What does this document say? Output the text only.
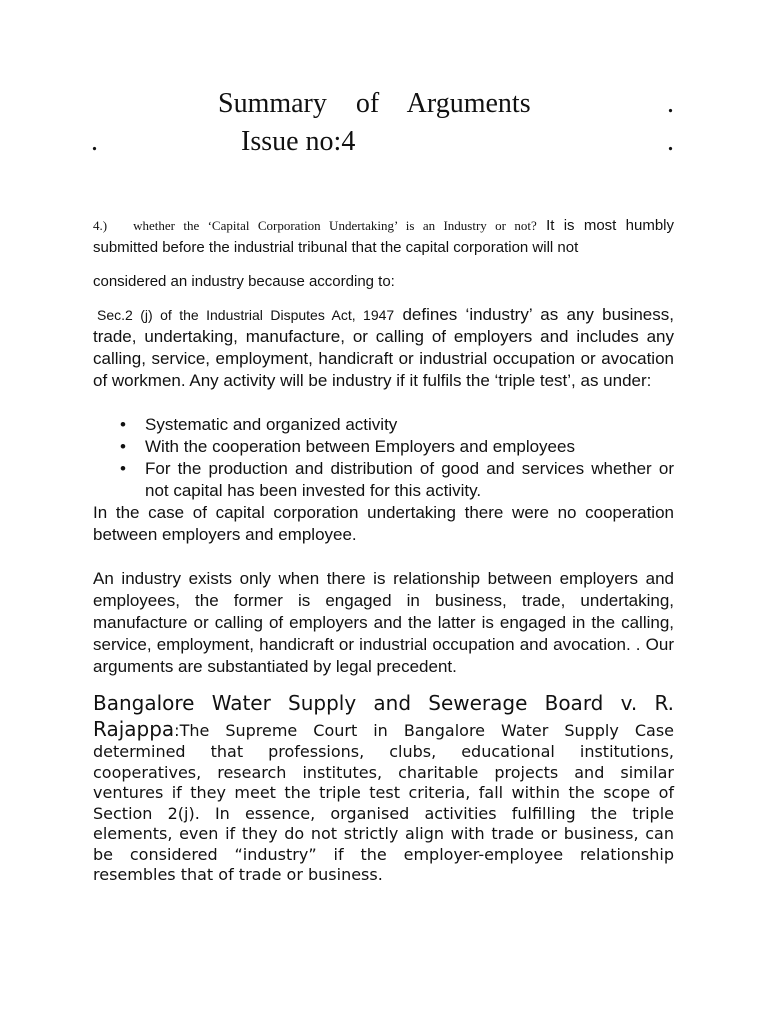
Summary of Arguments	.
.	Issue no:4	.
4.) whether the ‘Capital Corporation Undertaking’ is an Industry or not? It is most humbly submitted before the industrial tribunal that the capital corporation will not
considered an industry because according to:
Sec.2 (j) of the Industrial Disputes Act, 1947 defines ‘industry’ as any business, trade, undertaking, manufacture, or calling of employers and includes any calling, service, employment, handicraft or industrial occupation or avocation of workmen. Any activity will be industry if it fulfils the ‘triple test’, as under:
• Systematic and organized activity
• With the cooperation between Employers and employees
• For the production and distribution of good and services whether or not capital has been invested for this activity.
In the case of capital corporation undertaking there were no cooperation between employers and employee.
An industry exists only when there is relationship between employers and employees, the former is engaged in business, trade, undertaking, manufacture or calling of employers and the latter is engaged in the calling, service, employment, handicraft or industrial occupation and avocation. . Our arguments are substantiated by legal precedent.
Bangalore Water Supply and Sewerage Board v. R. Rajappa:The Supreme Court in Bangalore Water Supply Case determined that professions, clubs, educational institutions, cooperatives, research institutes, charitable projects and similar ventures if they meet the triple test criteria, fall within the scope of Section 2(j). In essence, organised activities fulfilling the triple elements, even if they do not strictly align with trade or business, can be considered “industry” if the employer-employee relationship resembles that of trade or business.
